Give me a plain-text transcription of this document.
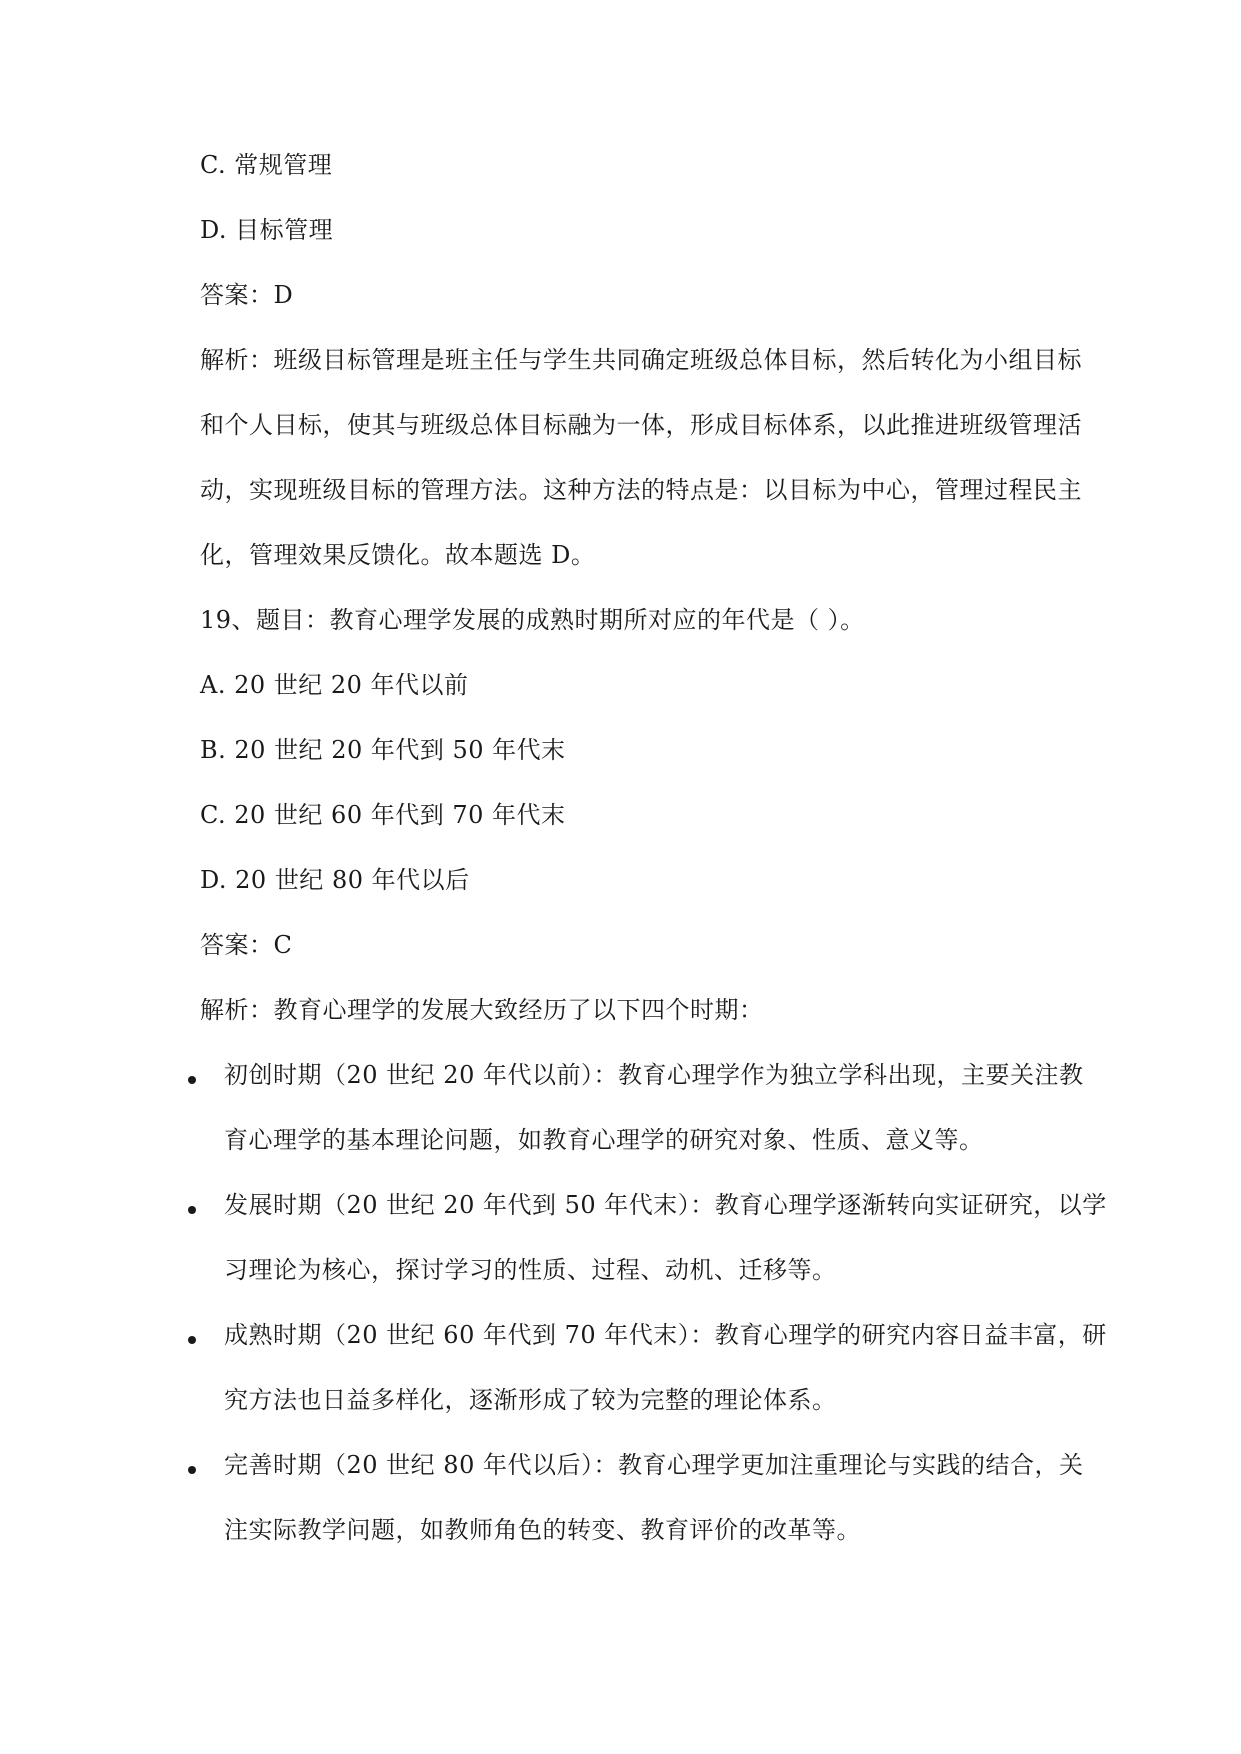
C. 常规管理
D. 目标管理
答案：D
解析：班级目标管理是班主任与学生共同确定班级总体目标，然后转化为小组目标
和个人目标，使其与班级总体目标融为一体，形成目标体系，以此推进班级管理活
动，实现班级目标的管理方法。这种方法的特点是：以目标为中心，管理过程民主
化，管理效果反馈化。故本题选 D。
19、题目：教育心理学发展的成熟时期所对应的年代是（ ）。
A. 20 世纪 20 年代以前
B. 20 世纪 20 年代到 50 年代末
C. 20 世纪 60 年代到 70 年代末
D. 20 世纪 80 年代以后
答案：C
解析：教育心理学的发展大致经历了以下四个时期：
初创时期（20 世纪 20 年代以前）：教育心理学作为独立学科出现，主要关注教
育心理学的基本理论问题，如教育心理学的研究对象、性质、意义等。
发展时期（20 世纪 20 年代到 50 年代末）：教育心理学逐渐转向实证研究，以学
习理论为核心，探讨学习的性质、过程、动机、迁移等。
成熟时期（20 世纪 60 年代到 70 年代末）：教育心理学的研究内容日益丰富，研
究方法也日益多样化，逐渐形成了较为完整的理论体系。
完善时期（20 世纪 80 年代以后）：教育心理学更加注重理论与实践的结合，关
注实际教学问题，如教师角色的转变、教育评价的改革等。
